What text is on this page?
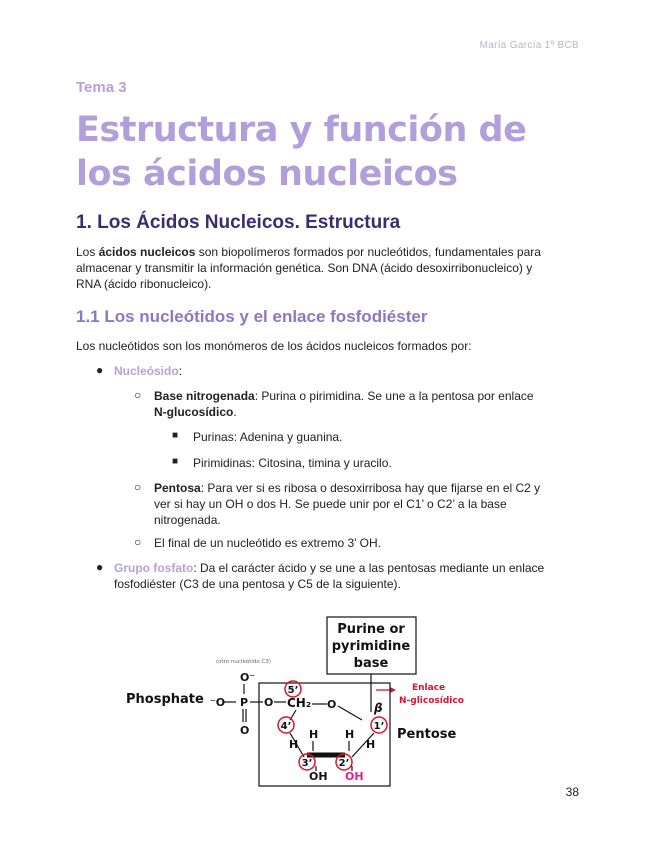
María García 1º BCB
Tema 3
Estructura y función de
los ácidos nucleicos
1. Los Ácidos Nucleicos. Estructura
Los ácidos nucleicos son biopolímeros formados por nucleótidos, fundamentales para
almacenar y transmitir la información genética. Son DNA (ácido desoxirribonucleico) y
RNA (ácido ribonucleico).
1.1 Los nucleótidos y el enlace fosfodiéster
Los nucleótidos son los monómeros de los ácidos nucleicos formados por:
● Nucleósido:
○ Base nitrogenada: Purina o pirimidina. Se une a la pentosa por enlace
N-glucosídico.
■ Purinas: Adenina y guanina.
■ Pirimidinas: Citosina, timina y uracilo.
○ Pentosa: Para ver si es ribosa o desoxirribosa hay que fijarse en el C2 y
ver si hay un OH o dos H. Se puede unir por el C1’ o C2’ a la base
nitrogenada.
○ El final de un nucleótido es extremo 3’ OH.
● Grupo fosfato: Da el carácter ácido y se une a las pentosas mediante un enlace
fosfodiéster (C3 de una pentosa y C5 de la siguiente).
Purine or
pyrimidine
base
Enlace
N-glicosídico
(otro nucleótido C3)
Phosphate ⁻O
O⁻
P
O
O CH₂
5’
O	β
4’	1’
H
H H
H
3’	2’
OH OH
Pentose
38
